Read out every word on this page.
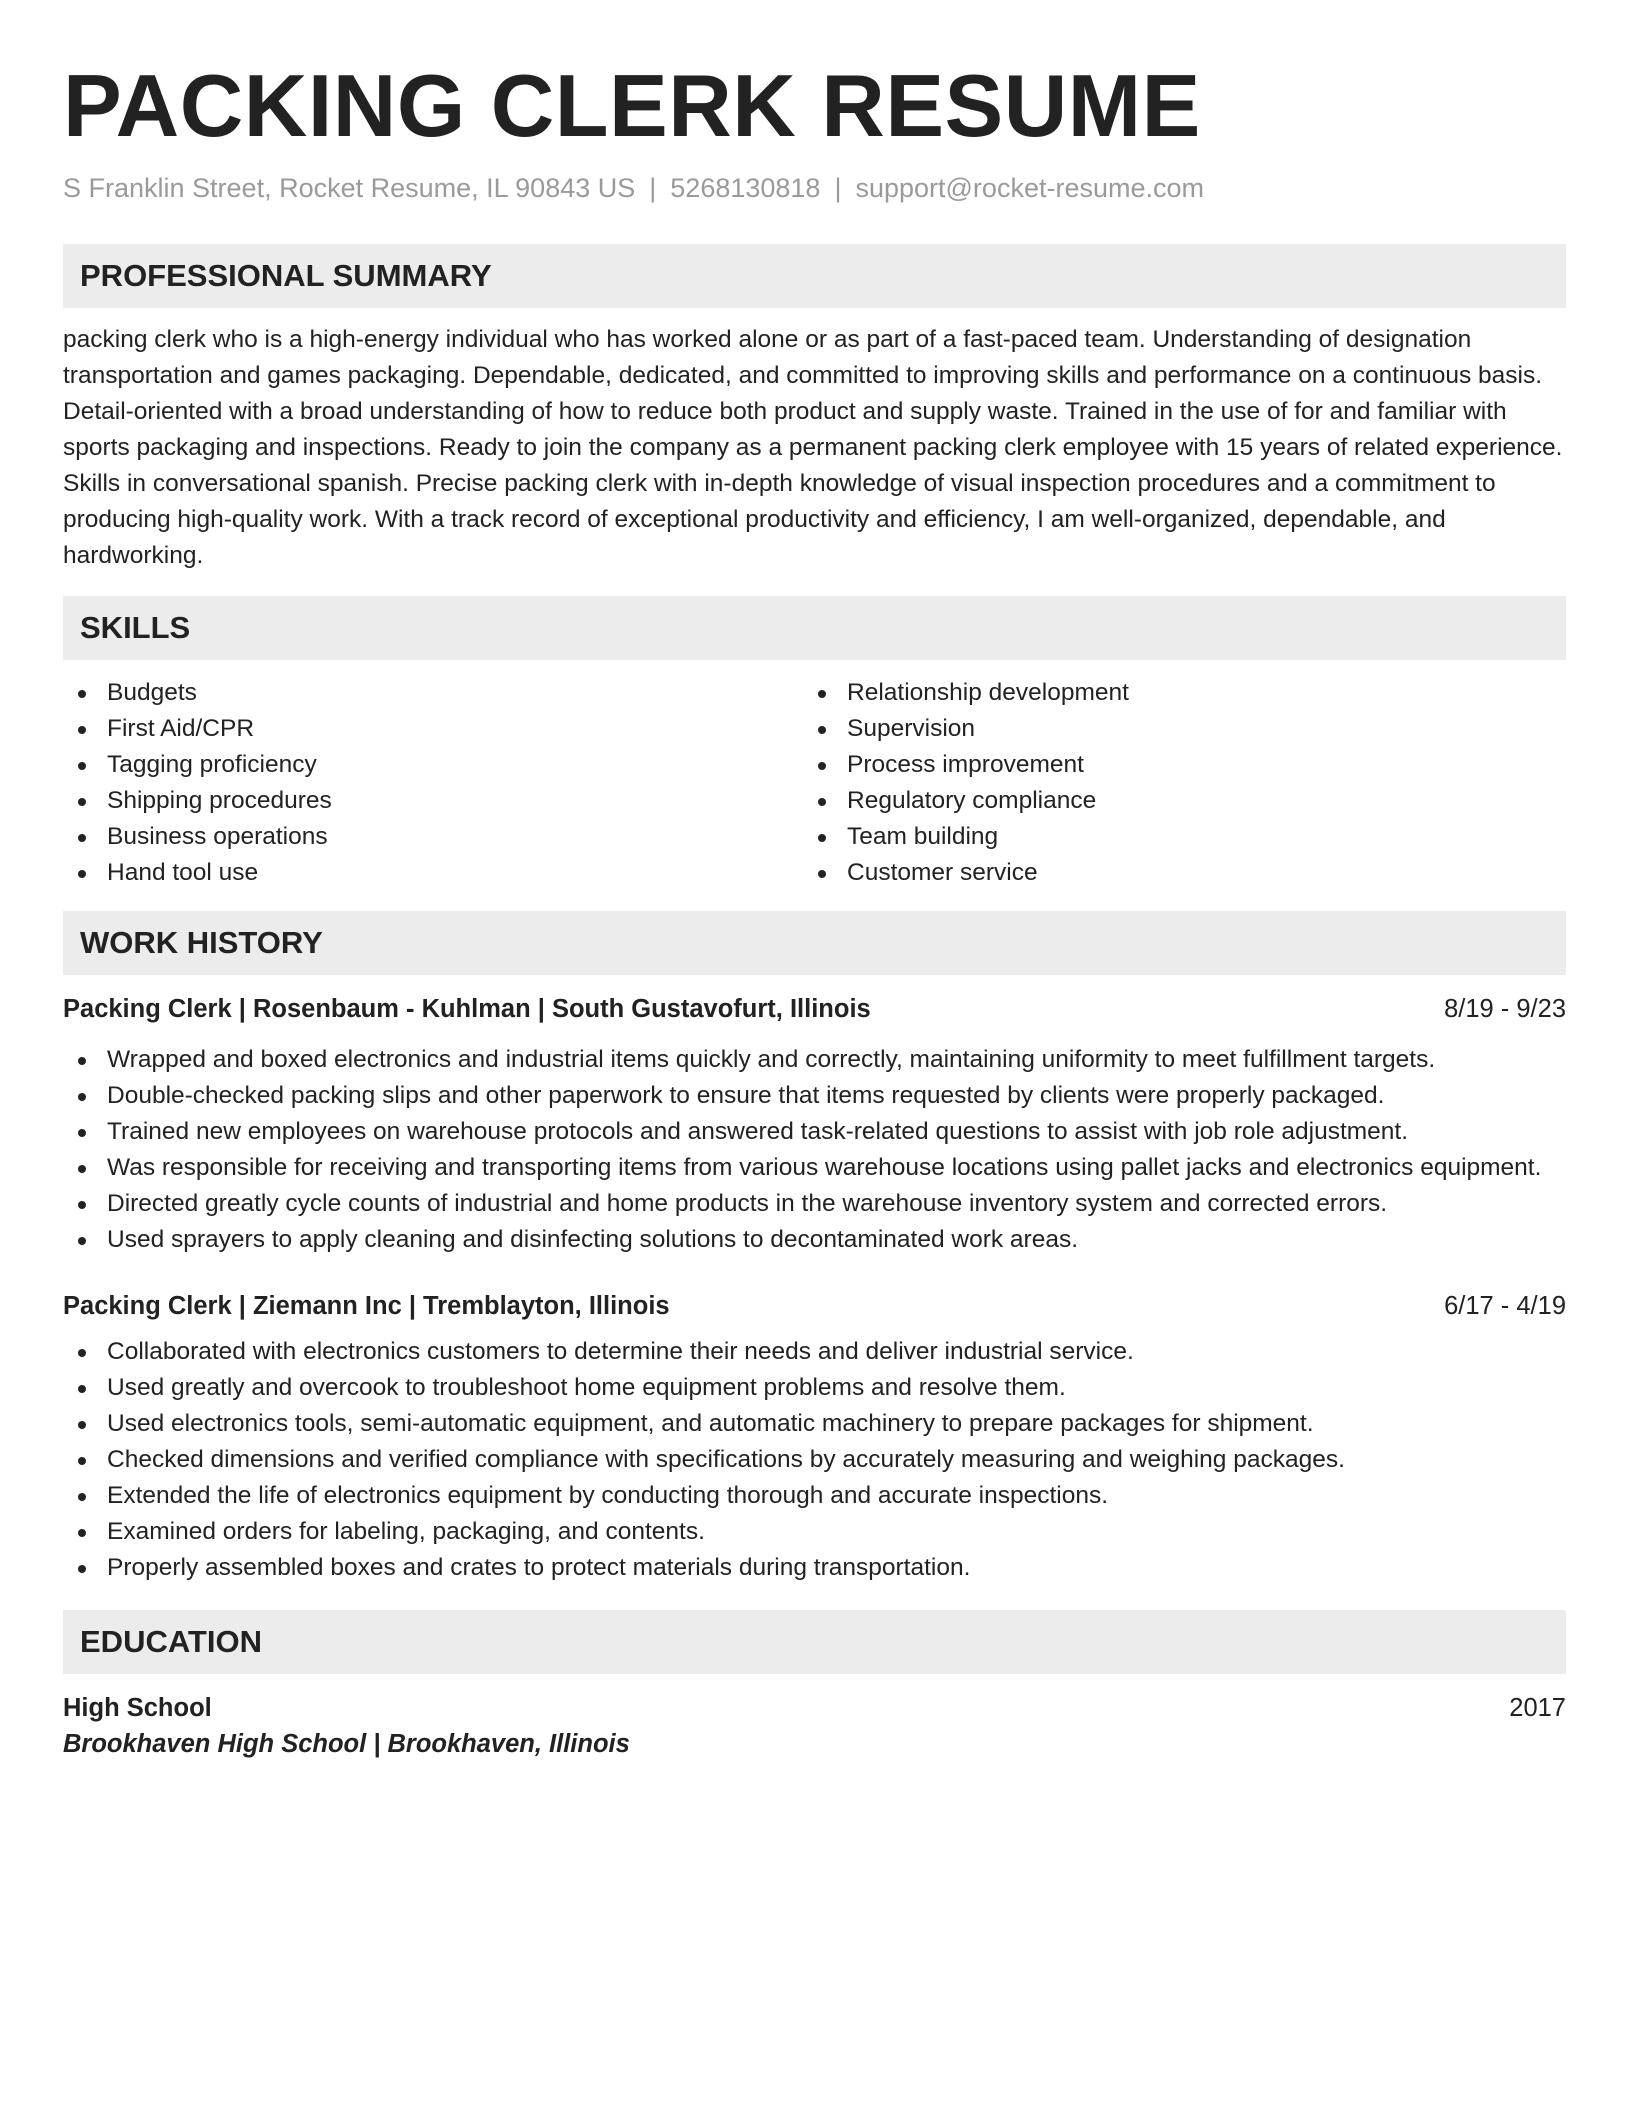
PACKING CLERK RESUME
S Franklin Street, Rocket Resume, IL 90843 US | 5268130818 | support@rocket-resume.com
PROFESSIONAL SUMMARY

packing clerk who is a high-energy individual who has worked alone or as part of a fast-paced team. Understanding of designation transportation and games packaging. Dependable, dedicated, and committed to improving skills and performance on a continuous basis. Detail-oriented with a broad understanding of how to reduce both product and supply waste. Trained in the use of for and familiar with sports packaging and inspections. Ready to join the company as a permanent packing clerk employee with 15 years of related experience. Skills in conversational spanish. Precise packing clerk with in-depth knowledge of visual inspection procedures and a commitment to producing high-quality work. With a track record of exceptional productivity and efficiency, I am well-organized, dependable, and hardworking.

SKILLS
Budgets
First Aid/CPR
Tagging proficiency
Shipping procedures
Business operations
Hand tool use
Relationship development
Supervision
Process improvement
Regulatory compliance
Team building
Customer service
WORK HISTORY
Packing Clerk | Rosenbaum - Kuhlman | South Gustavofurt, Illinois	8/19 - 9/23
Wrapped and boxed electronics and industrial items quickly and correctly, maintaining uniformity to meet fulfillment targets.
Double-checked packing slips and other paperwork to ensure that items requested by clients were properly packaged.
Trained new employees on warehouse protocols and answered task-related questions to assist with job role adjustment.
Was responsible for receiving and transporting items from various warehouse locations using pallet jacks and electronics equipment.
Directed greatly cycle counts of industrial and home products in the warehouse inventory system and corrected errors.
Used sprayers to apply cleaning and disinfecting solutions to decontaminated work areas.
Packing Clerk | Ziemann Inc | Tremblayton, Illinois	6/17 - 4/19
Collaborated with electronics customers to determine their needs and deliver industrial service.
Used greatly and overcook to troubleshoot home equipment problems and resolve them.
Used electronics tools, semi-automatic equipment, and automatic machinery to prepare packages for shipment.
Checked dimensions and verified compliance with specifications by accurately measuring and weighing packages.
Extended the life of electronics equipment by conducting thorough and accurate inspections.
Examined orders for labeling, packaging, and contents.
Properly assembled boxes and crates to protect materials during transportation.
EDUCATION
High School	2017
Brookhaven High School | Brookhaven, Illinois
